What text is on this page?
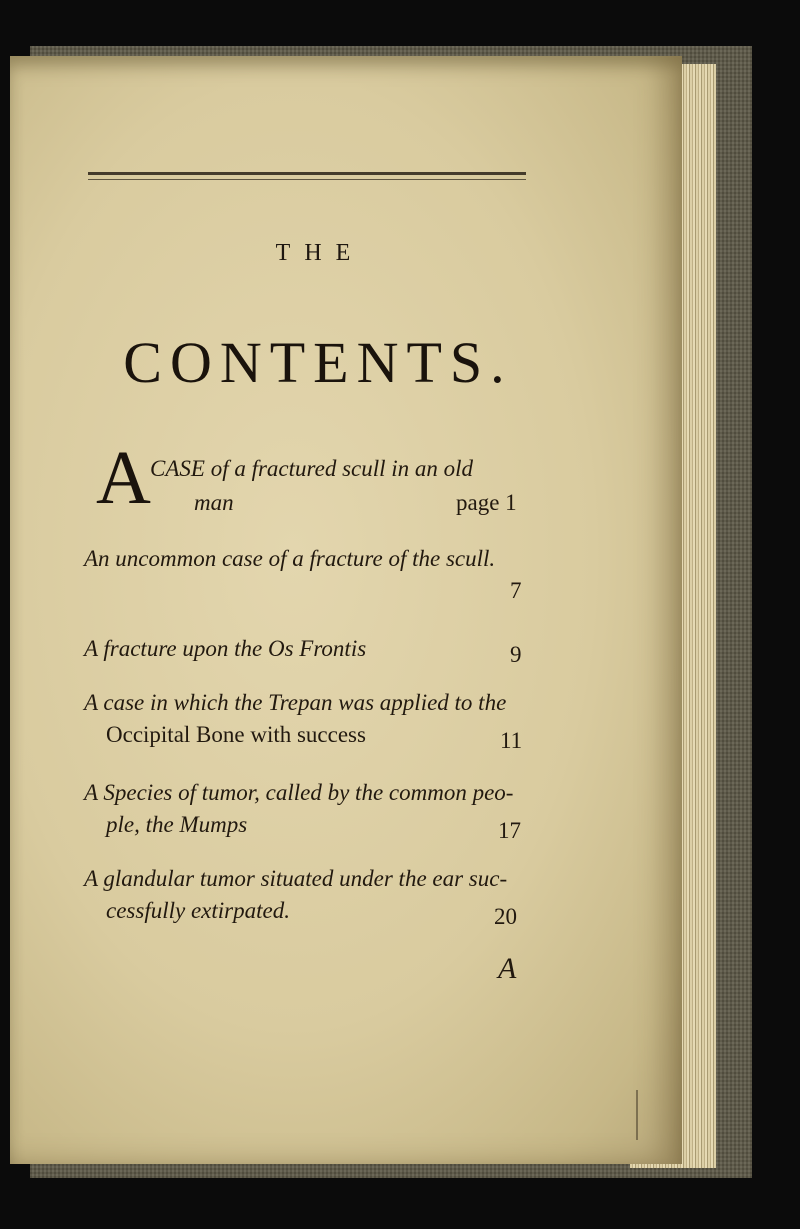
THE
CONTENTS.
A CASE of a fractured scull in an old
man	page 1
An uncommon case of a fracture of the scull.
7
A fracture upon the Os Frontis	9
A case in which the Trepan was applied to the
Occipital Bone with success	11
A Species of tumor, called by the common peo-
ple, the Mumps	17
A glandular tumor situated under the ear suc-
cessfully extirpated.	20
A
